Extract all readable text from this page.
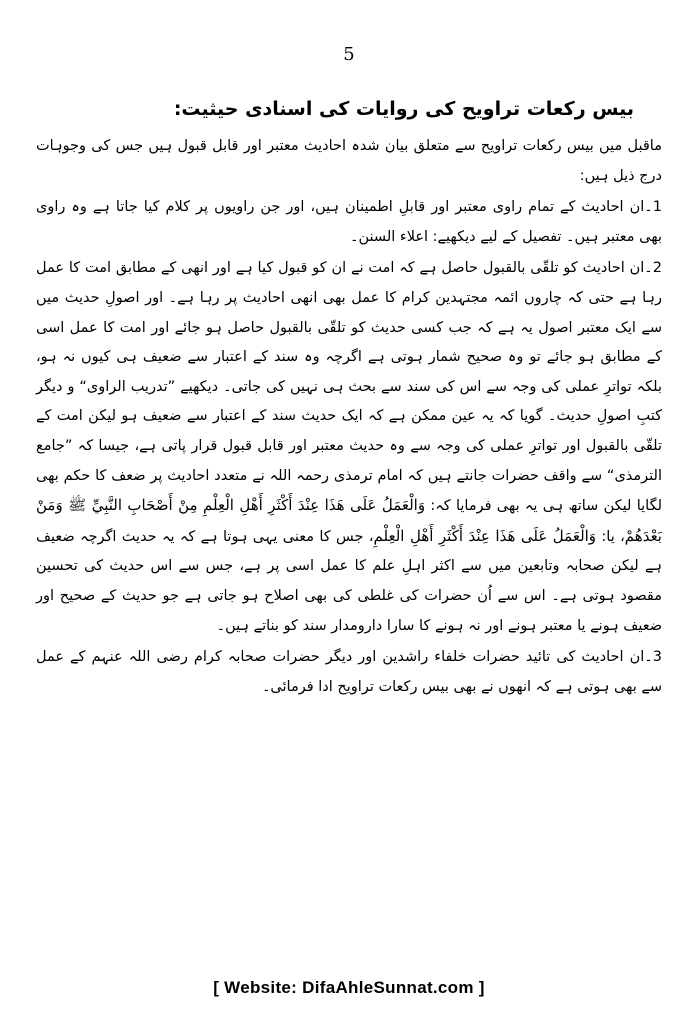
5
بیس رکعات تراویح کی روایات کی اسنادی حیثیت:

ماقبل میں بیس رکعات تراویح سے متعلق بیان شدہ احادیث معتبر اور قابل قبول ہیں جس کی وجوہات درج ذیل ہیں:

1۔ان احادیث کے تمام راوی معتبر اور قابلِ اطمینان ہیں، اور جن راویوں پر کلام کیا جاتا ہے وہ راوی بھی معتبر ہیں۔ تفصیل کے لیے دیکھیے: اعلاء السنن۔

2۔ان احادیث کو تلقّی بالقبول حاصل ہے کہ امت نے ان کو قبول کیا ہے اور انھی کے مطابق امت کا عمل رہا ہے حتی کہ چاروں ائمہ مجتہدین کرام کا عمل بھی انھی احادیث پر رہا ہے۔ اور اصولِ حدیث میں سے ایک معتبر اصول یہ ہے کہ جب کسی حدیث کو تلقّی بالقبول حاصل ہو جائے اور امت کا عمل اسی کے مطابق ہو جائے تو وہ صحیح شمار ہوتی ہے اگرچہ وہ سند کے اعتبار سے ضعیف ہی کیوں نہ ہو، بلکہ تواترِ عملی کی وجہ سے اس کی سند سے بحث ہی نہیں کی جاتی۔ دیکھیے ”تدریب الراوی“ و دیگر کتبِ اصولِ حدیث۔ گویا کہ یہ عین ممکن ہے کہ ایک حدیث سند کے اعتبار سے ضعیف ہو لیکن امت کے تلقّی بالقبول اور تواترِ عملی کی وجہ سے وہ حدیث معتبر اور قابل قبول قرار پاتی ہے، جیسا کہ ”جامع الترمذی“ سے واقف حضرات جانتے ہیں کہ امام ترمذی رحمہ اللہ نے متعدد احادیث پر ضعف کا حکم بھی لگایا لیکن ساتھ ہی یہ بھی فرمایا کہ: وَالْعَمَلُ عَلَى هَذَا عِنْدَ أَكْثَرِ أَهْلِ الْعِلْمِ مِنْ أَصْحَابِ النَّبِيِّ ﷺ وَمَنْ بَعْدَهُمْ، یا: وَالْعَمَلُ عَلَى هَذَا عِنْدَ أَكْثَرِ أَهْلِ الْعِلْمِ، جس کا معنی یہی ہوتا ہے کہ یہ حدیث اگرچہ ضعیف ہے لیکن صحابہ وتابعین میں سے اکثر اہلِ علم کا عمل اسی پر ہے، جس سے اس حدیث کی تحسین مقصود ہوتی ہے۔ اس سے اُن حضرات کی غلطی کی بھی اصلاح ہو جاتی ہے جو حدیث کے صحیح اور ضعیف ہونے یا معتبر ہونے اور نہ ہونے کا سارا دارومدار سند کو بناتے ہیں۔

3۔ان احادیث کی تائید حضرات خلفاء راشدین اور دیگر حضرات صحابہ کرام رضی اللہ عنہم کے عمل سے بھی ہوتی ہے کہ انھوں نے بھی بیس رکعات تراویح ادا فرمائی۔

[ Website: DifaAhleSunnat.com ]
